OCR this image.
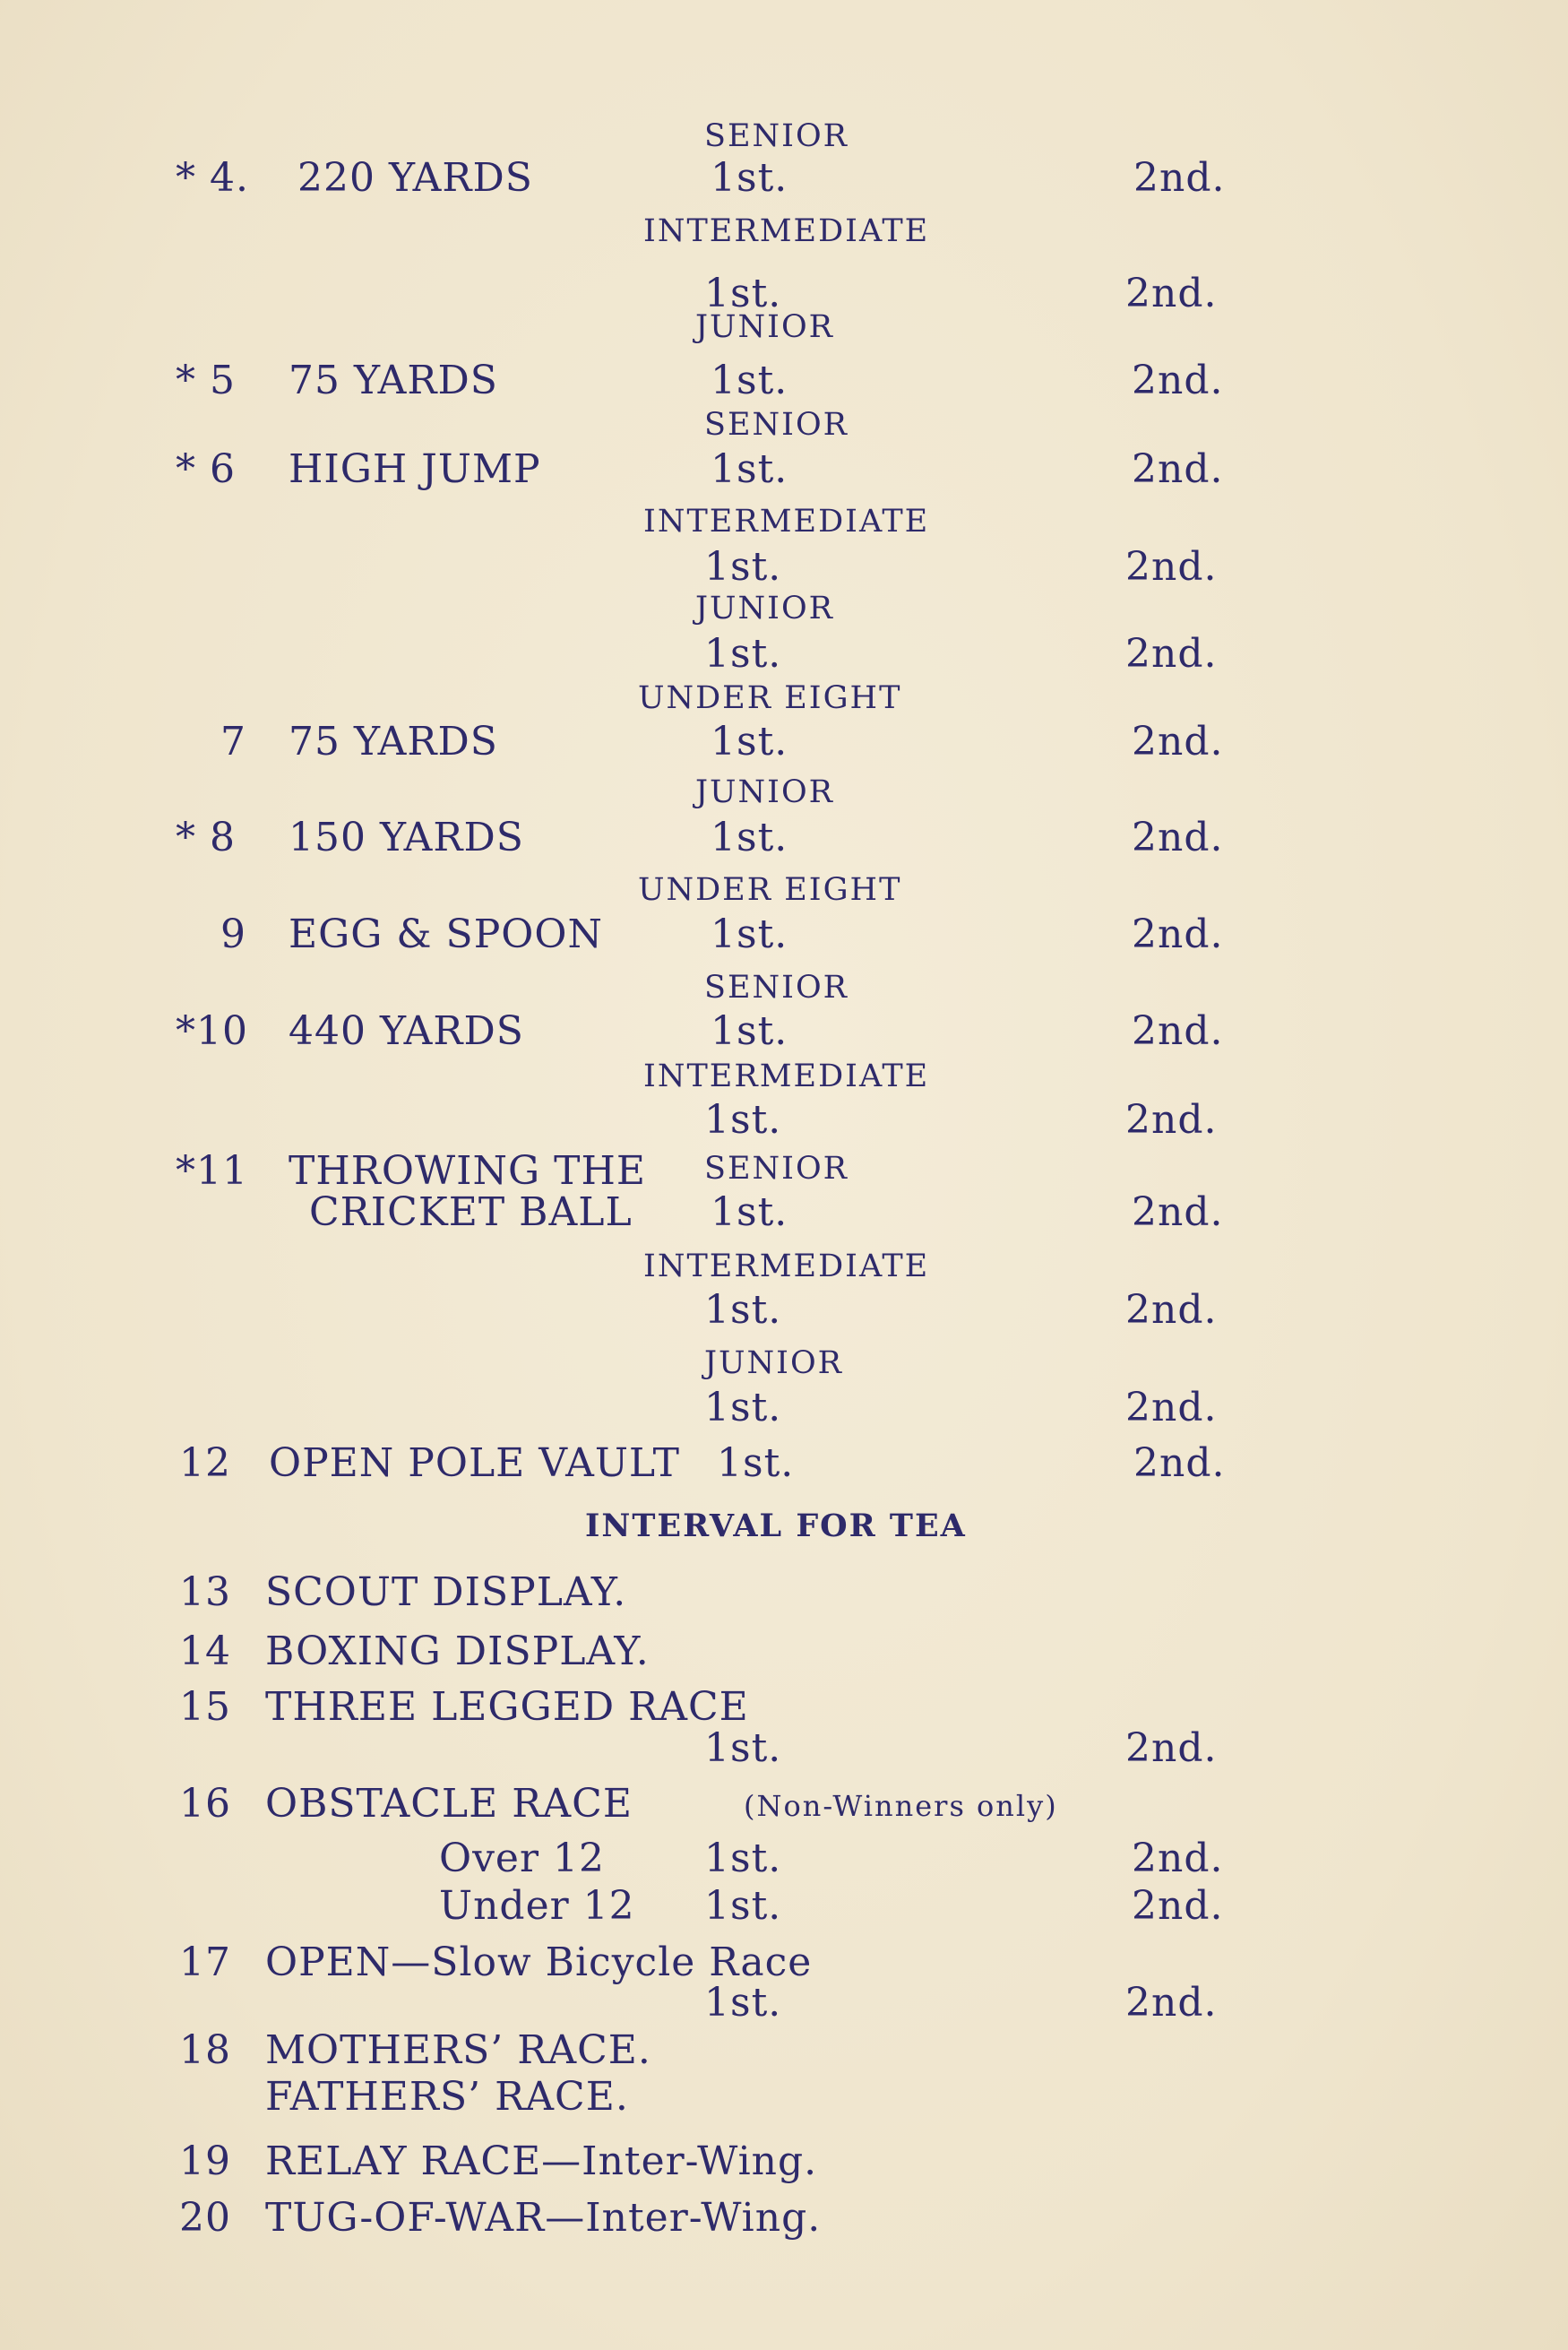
SENIOR
* 4. 220 YARDS	1st.	2nd.
INTERMEDIATE
1st.	2nd.
JUNIOR
* 5 75 YARDS	1st.	2nd.
SENIOR
* 6 HIGH JUMP	1st.	2nd.
INTERMEDIATE
1st.	2nd.
JUNIOR
1st.	2nd.
UNDER EIGHT
7 75 YARDS	1st.	2nd.
JUNIOR
* 8 150 YARDS	1st.	2nd.
UNDER EIGHT
9 EGG & SPOON	1st.	2nd.
SENIOR
*10 440 YARDS	1st.	2nd.
INTERMEDIATE
1st.	2nd.
*11 THROWING THE SENIOR
CRICKET BALL 1st.	2nd.
INTERMEDIATE
1st.	2nd.
JUNIOR
1st.	2nd.
12 OPEN POLE VAULT 1st.	2nd.
INTERVAL FOR TEA
13 SCOUT DISPLAY.
14 BOXING DISPLAY.
15 THREE LEGGED RACE
1st.	2nd.
16 OBSTACLE RACE	(Non-Winners only)
Over 12	1st.	2nd.
Under 12 1st.	2nd.
17 OPEN—Slow Bicycle Race
1st.	2nd.
18 MOTHERS’ RACE.
FATHERS’ RACE.
19 RELAY RACE—Inter-Wing.
20 TUG-OF-WAR—Inter-Wing.
